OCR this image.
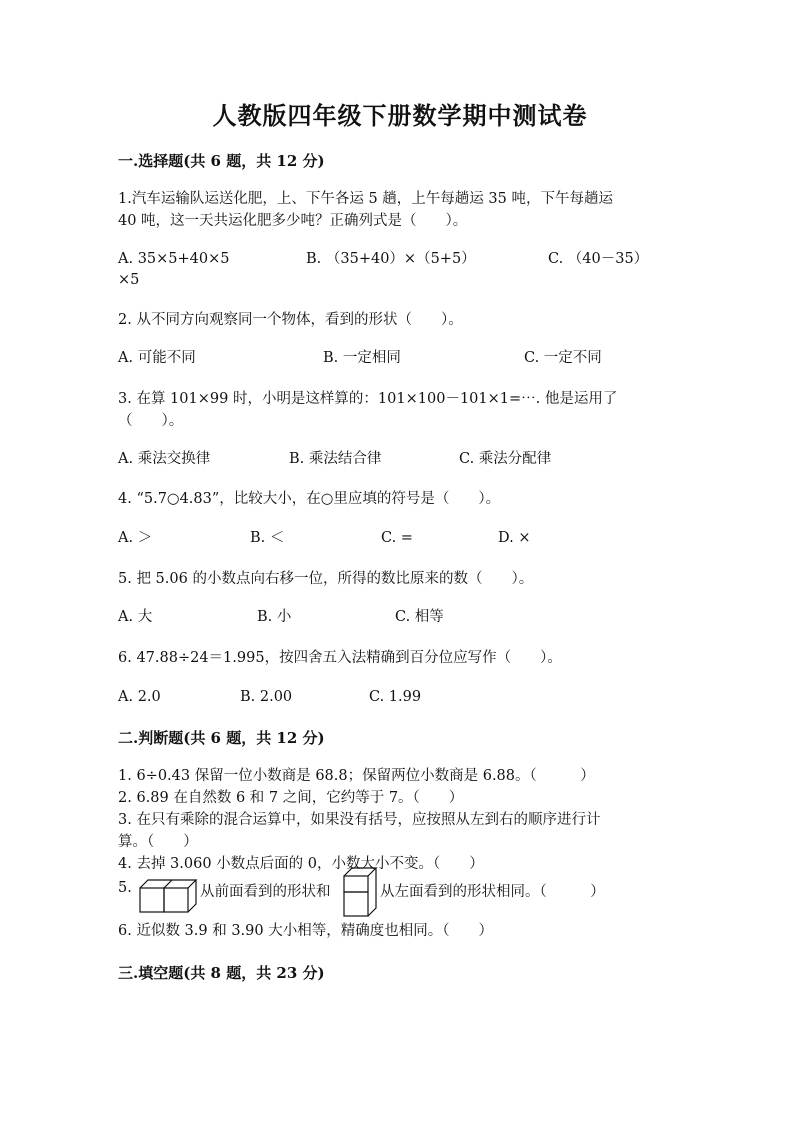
人教版四年级下册数学期中测试卷
一.选择题(共 6 题，共 12 分)
1.汽车运输队运送化肥，上、下午各运 5 趟，上午每趟运 35 吨，下午每趟运
40 吨，这一天共运化肥多少吨？正确列式是（　　）。
A. 35×5+40×5	B. （35+40）×（5+5）	C. （40－35）
×5
2. 从不同方向观察同一个物体，看到的形状（　　）。
A. 可能不同	B. 一定相同	C. 一定不同
3. 在算 101×99 时，小明是这样算的：101×100－101×1=⋯. 他是运用了
（　　）。
A. 乘法交换律	B. 乘法结合律	C. 乘法分配律
4. “5.7○4.83”，比较大小，在○里应填的符号是（　　）。
A. ＞	B. ＜	C. =	D. ×
5. 把 5.06 的小数点向右移一位，所得的数比原来的数（　　）。
A. 大	B. 小	C. 相等
6. 47.88÷24＝1.995，按四舍五入法精确到百分位应写作（　　）。
A. 2.0	B. 2.00	C. 1.99
二.判断题(共 6 题，共 12 分)
1. 6÷0.43 保留一位小数商是 68.8；保留两位小数商是 6.88。（　　　）
2. 6.89 在自然数 6 和 7 之间，它约等于 7。（　　）
3. 在只有乘除的混合运算中，如果没有括号，应按照从左到右的顺序进行计
算。（　　）
4. 去掉 3.060 小数点后面的 0，小数大小不变。（　　）
5.	从前面看到的形状和	从左面看到的形状相同。（　　　）
6. 近似数 3.9 和 3.90 大小相等，精确度也相同。（　　）
三.填空题(共 8 题，共 23 分)
